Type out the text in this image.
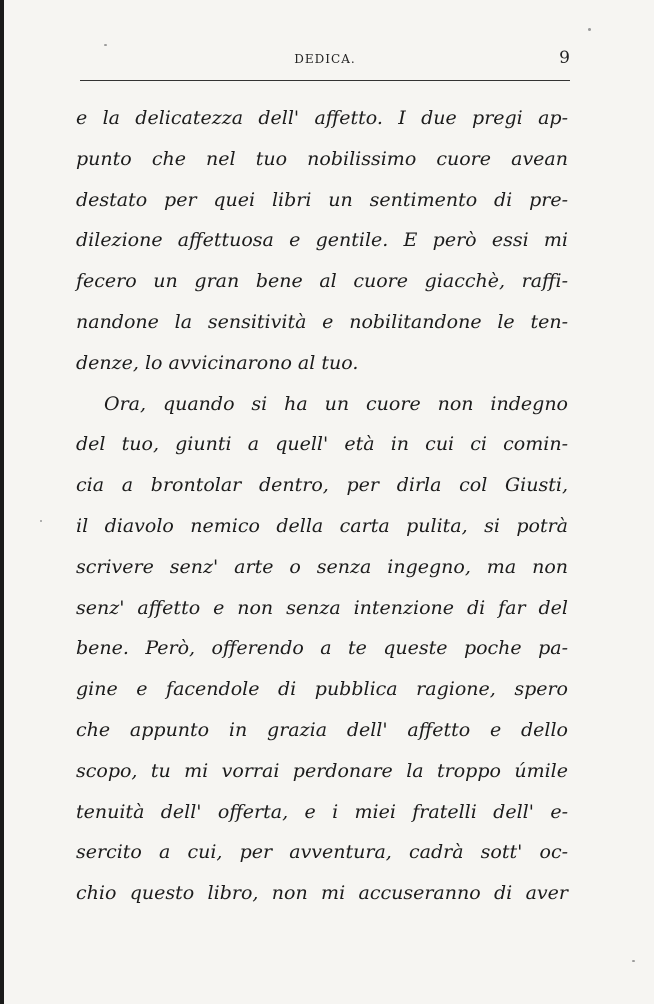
DEDICA.	9
e la delicatezza dell' affetto. I due pregi ap-
punto che nel tuo nobilissimo cuore avean
destato per quei libri un sentimento di pre-
dilezione affettuosa e gentile. E però essi mi
fecero un gran bene al cuore giacchè, raffi-
nandone la sensitività e nobilitandone le ten-
denze, lo avvicinarono al tuo.
Ora, quando si ha un cuore non indegno
del tuo, giunti a quell' età in cui ci comin-
cia a brontolar dentro, per dirla col Giusti,
il diavolo nemico della carta pulita, si potrà
scrivere senz' arte o senza ingegno, ma non
senz' affetto e non senza intenzione di far del
bene. Però, offerendo a te queste poche pa-
gine e facendole di pubblica ragione, spero
che appunto in grazia dell' affetto e dello
scopo, tu mi vorrai perdonare la troppo úmile
tenuità dell' offerta, e i miei fratelli dell' e-
sercito a cui, per avventura, cadrà sott' oc-
chio questo libro, non mi accuseranno di aver
